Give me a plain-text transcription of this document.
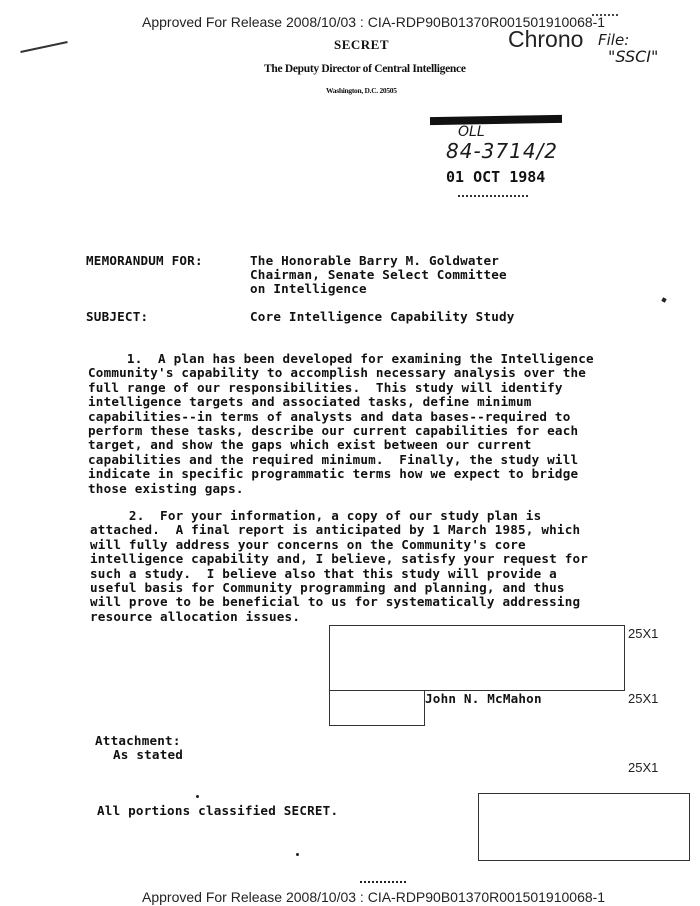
Approved For Release 2008/10/03 : CIA-RDP90B01370R001501910068-1
Approved For Release 2008/10/03 : CIA-RDP90B01370R001501910068-1
SECRET
The Deputy Director of Central Intelligence
Washington, D.C. 20505
Chrono File:
"SSCI"
OLL
84-3714/2
01 OCT 1984
MEMORANDUM FOR:	The Honorable Barry M. Goldwater
Chairman, Senate Select Committee
on Intelligence
SUBJECT:	Core Intelligence Capability Study
1.  A plan has been developed for examining the Intelligence
Community's capability to accomplish necessary analysis over the
full range of our responsibilities.  This study will identify
intelligence targets and associated tasks, define minimum
capabilities--in terms of analysts and data bases--required to
perform these tasks, describe our current capabilities for each
target, and show the gaps which exist between our current
capabilities and the required minimum.  Finally, the study will
indicate in specific programmatic terms how we expect to bridge
those existing gaps.
2.  For your information, a copy of our study plan is
attached.  A final report is anticipated by 1 March 1985, which
will fully address your concerns on the Community's core
intelligence capability and, I believe, satisfy your request for
such a study.  I believe also that this study will provide a
useful basis for Community programming and planning, and thus
will prove to be beneficial to us for systematically addressing
resource allocation issues.
25X1
John N. McMahon	25X1
Attachment:
As stated
25X1
All portions classified SECRET.
